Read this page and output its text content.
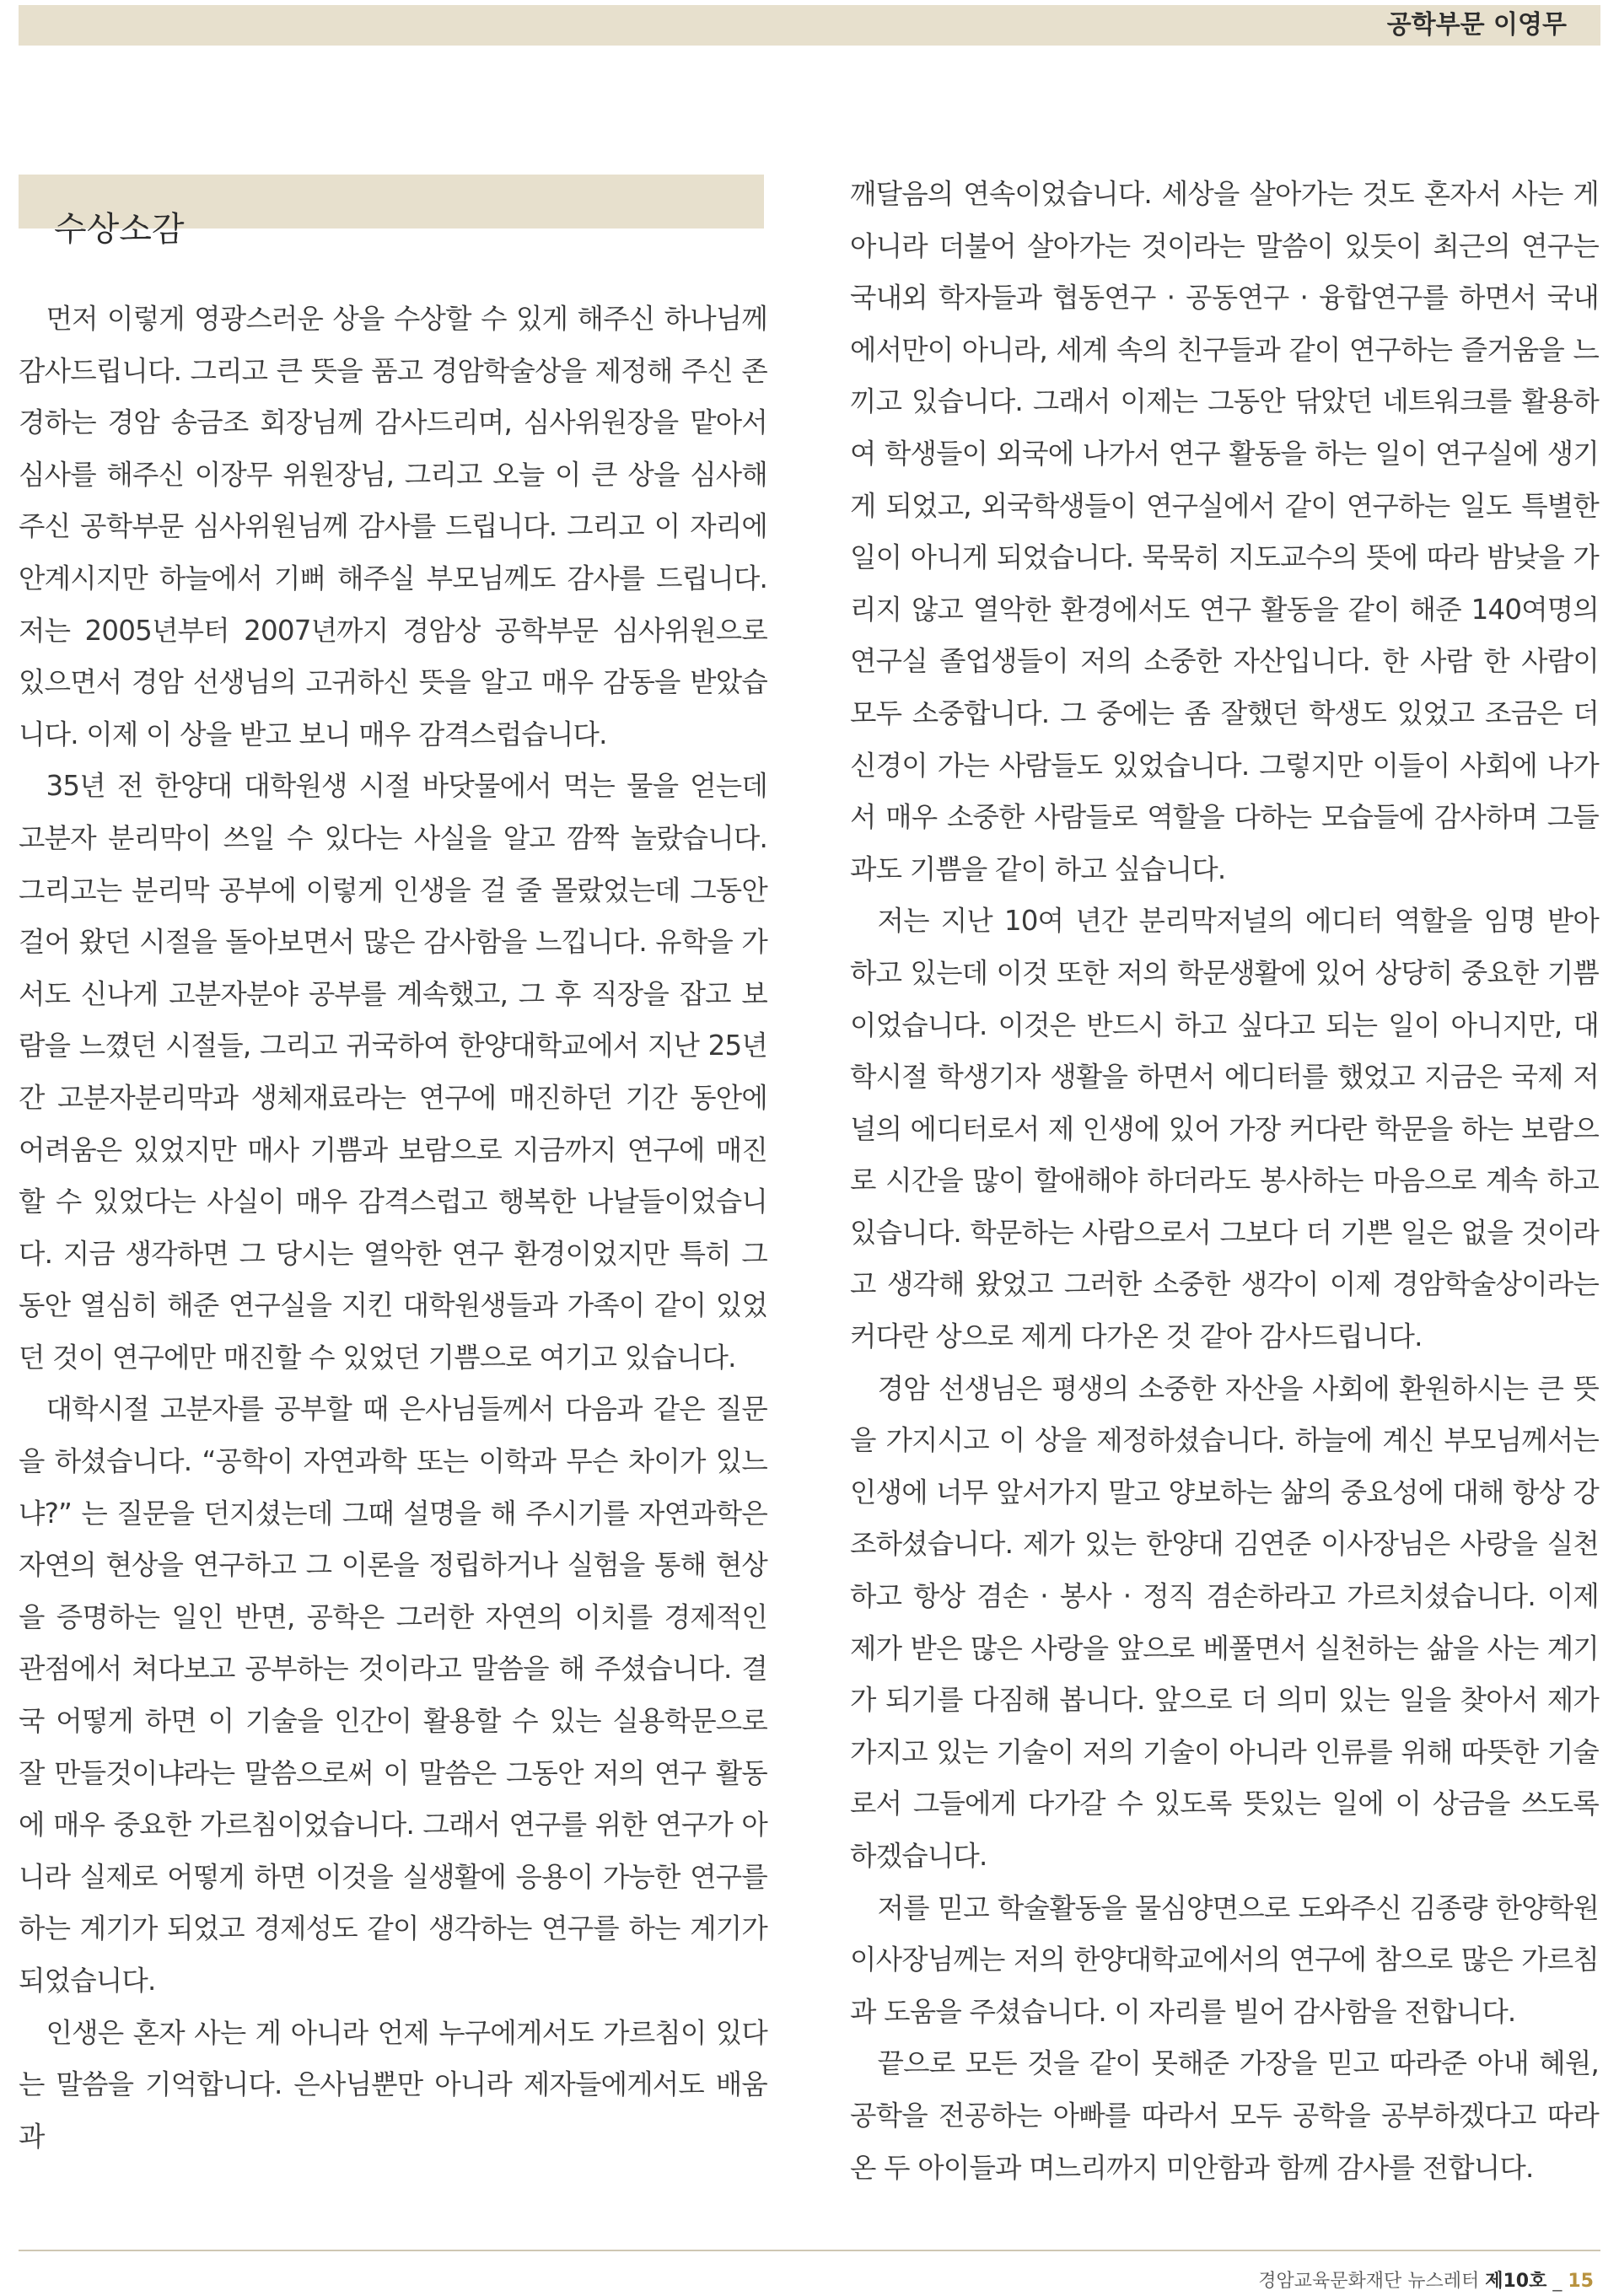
공학부문 이영무
수상소감

먼저 이렇게 영광스러운 상을 수상할 수 있게 해주신 하나님께 감사드립니다. 그리고 큰 뜻을 품고 경암학술상을 제정해 주신 존경하는 경암 송금조 회장님께 감사드리며, 심사위원장을 맡아서 심사를 해주신 이장무 위원장님, 그리고 오늘 이 큰 상을 심사해 주신 공학부문 심사위원님께 감사를 드립니다. 그리고 이 자리에 안계시지만 하늘에서 기뻐 해주실 부모님께도 감사를 드립니다. 저는 2005년부터 2007년까지 경암상 공학부문 심사위원으로 있으면서 경암 선생님의 고귀하신 뜻을 알고 매우 감동을 받았습니다. 이제 이 상을 받고 보니 매우 감격스럽습니다.

35년 전 한양대 대학원생 시절 바닷물에서 먹는 물을 얻는데 고분자 분리막이 쓰일 수 있다는 사실을 알고 깜짝 놀랐습니다. 그리고는 분리막 공부에 이렇게 인생을 걸 줄 몰랐었는데 그동안 걸어 왔던 시절을 돌아보면서 많은 감사함을 느낍니다. 유학을 가서도 신나게 고분자분야 공부를 계속했고, 그 후 직장을 잡고 보람을 느꼈던 시절들, 그리고 귀국하여 한양대학교에서 지난 25년간 고분자분리막과 생체재료라는 연구에 매진하던 기간 동안에 어려움은 있었지만 매사 기쁨과 보람으로 지금까지 연구에 매진할 수 있었다는 사실이 매우 감격스럽고 행복한 나날들이었습니다. 지금 생각하면 그 당시는 열악한 연구 환경이었지만 특히 그동안 열심히 해준 연구실을 지킨 대학원생들과 가족이 같이 있었던 것이 연구에만 매진할 수 있었던 기쁨으로 여기고 있습니다.

대학시절 고분자를 공부할 때 은사님들께서 다음과 같은 질문을 하셨습니다. “공학이 자연과학 또는 이학과 무슨 차이가 있느냐?” 는 질문을 던지셨는데 그때 설명을 해 주시기를 자연과학은 자연의 현상을 연구하고 그 이론을 정립하거나 실험을 통해 현상을 증명하는 일인 반면, 공학은 그러한 자연의 이치를 경제적인 관점에서 쳐다보고 공부하는 것이라고 말씀을 해 주셨습니다. 결국 어떻게 하면 이 기술을 인간이 활용할 수 있는 실용학문으로 잘 만들것이냐라는 말씀으로써 이 말씀은 그동안 저의 연구 활동에 매우 중요한 가르침이었습니다. 그래서 연구를 위한 연구가 아니라 실제로 어떻게 하면 이것을 실생활에 응용이 가능한 연구를 하는 계기가 되었고 경제성도 같이 생각하는 연구를 하는 계기가 되었습니다.

인생은 혼자 사는 게 아니라 언제 누구에게서도 가르침이 있다는 말씀을 기억합니다. 은사님뿐만 아니라 제자들에게서도 배움과

깨달음의 연속이었습니다. 세상을 살아가는 것도 혼자서 사는 게 아니라 더불어 살아가는 것이라는 말씀이 있듯이 최근의 연구는 국내외 학자들과 협동연구 · 공동연구 · 융합연구를 하면서 국내에서만이 아니라, 세계 속의 친구들과 같이 연구하는 즐거움을 느끼고 있습니다. 그래서 이제는 그동안 닦았던 네트워크를 활용하여 학생들이 외국에 나가서 연구 활동을 하는 일이 연구실에 생기게 되었고, 외국학생들이 연구실에서 같이 연구하는 일도 특별한 일이 아니게 되었습니다. 묵묵히 지도교수의 뜻에 따라 밤낮을 가리지 않고 열악한 환경에서도 연구 활동을 같이 해준 140여명의 연구실 졸업생들이 저의 소중한 자산입니다. 한 사람 한 사람이 모두 소중합니다. 그 중에는 좀 잘했던 학생도 있었고 조금은 더 신경이 가는 사람들도 있었습니다. 그렇지만 이들이 사회에 나가서 매우 소중한 사람들로 역할을 다하는 모습들에 감사하며 그들과도 기쁨을 같이 하고 싶습니다.

저는 지난 10여 년간 분리막저널의 에디터 역할을 임명 받아 하고 있는데 이것 또한 저의 학문생활에 있어 상당히 중요한 기쁨이었습니다. 이것은 반드시 하고 싶다고 되는 일이 아니지만, 대학시절 학생기자 생활을 하면서 에디터를 했었고 지금은 국제 저널의 에디터로서 제 인생에 있어 가장 커다란 학문을 하는 보람으로 시간을 많이 할애해야 하더라도 봉사하는 마음으로 계속 하고 있습니다. 학문하는 사람으로서 그보다 더 기쁜 일은 없을 것이라고 생각해 왔었고 그러한 소중한 생각이 이제 경암학술상이라는 커다란 상으로 제게 다가온 것 같아 감사드립니다.

경암 선생님은 평생의 소중한 자산을 사회에 환원하시는 큰 뜻을 가지시고 이 상을 제정하셨습니다. 하늘에 계신 부모님께서는 인생에 너무 앞서가지 말고 양보하는 삶의 중요성에 대해 항상 강조하셨습니다. 제가 있는 한양대 김연준 이사장님은 사랑을 실천하고 항상 겸손 · 봉사 · 정직 겸손하라고 가르치셨습니다. 이제 제가 받은 많은 사랑을 앞으로 베풀면서 실천하는 삶을 사는 계기가 되기를 다짐해 봅니다. 앞으로 더 의미 있는 일을 찾아서 제가 가지고 있는 기술이 저의 기술이 아니라 인류를 위해 따뜻한 기술로서 그들에게 다가갈 수 있도록 뜻있는 일에 이 상금을 쓰도록 하겠습니다.

저를 믿고 학술활동을 물심양면으로 도와주신 김종량 한양학원 이사장님께는 저의 한양대학교에서의 연구에 참으로 많은 가르침과 도움을 주셨습니다. 이 자리를 빌어 감사함을 전합니다.

끝으로 모든 것을 같이 못해준 가장을 믿고 따라준 아내 혜원, 공학을 전공하는 아빠를 따라서 모두 공학을 공부하겠다고 따라온 두 아이들과 며느리까지 미안함과 함께 감사를 전합니다.

경암교육문화재단 뉴스레터 제10호 _ 15
